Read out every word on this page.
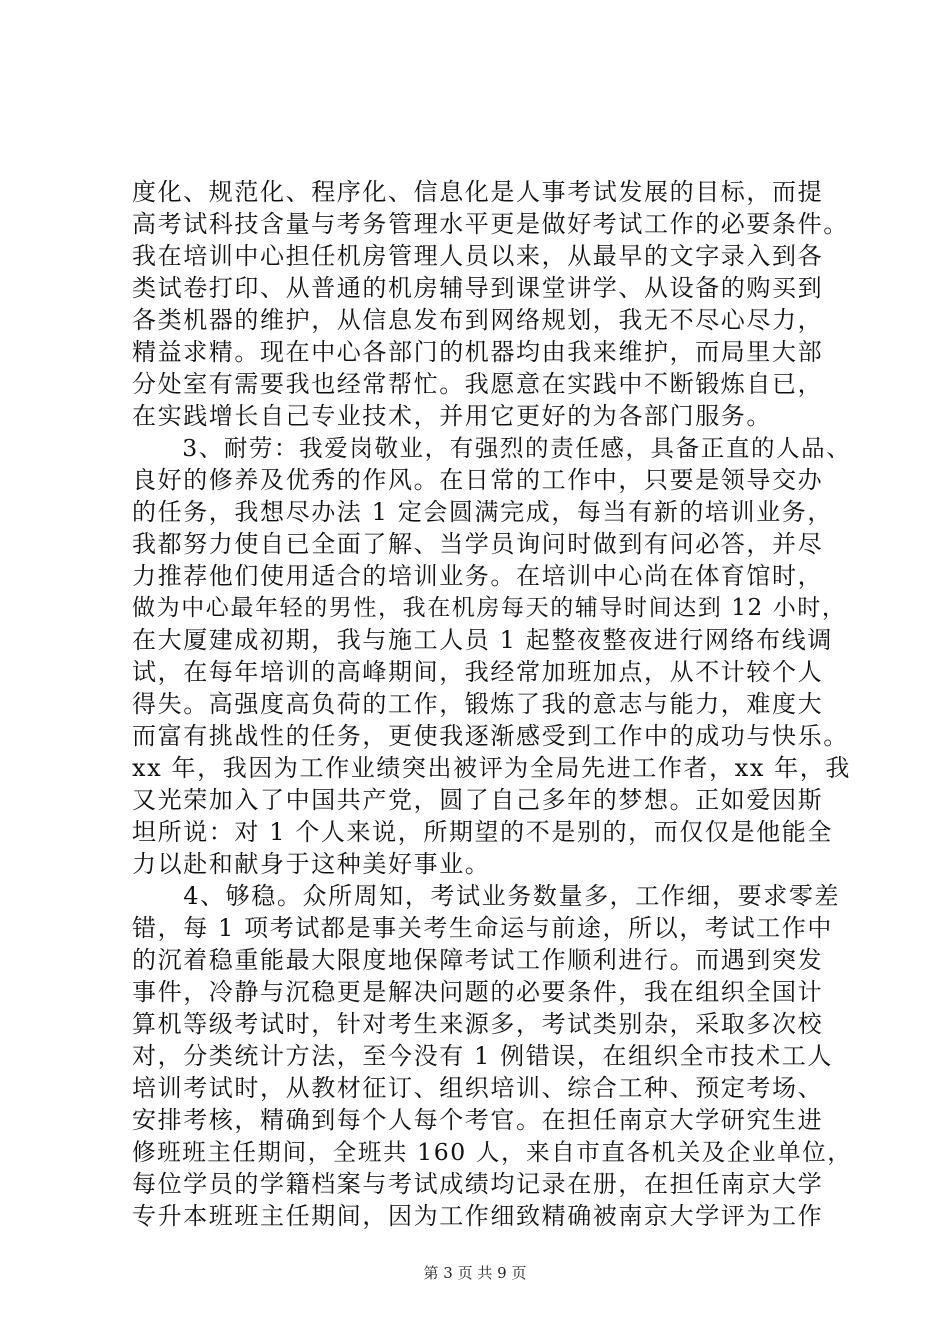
度化、规范化、程序化、信息化是人事考试发展的目标，而提
高考试科技含量与考务管理水平更是做好考试工作的必要条件。
我在培训中心担任机房管理人员以来，从最早的文字录入到各
类试卷打印、从普通的机房辅导到课堂讲学、从设备的购买到
各类机器的维护，从信息发布到网络规划，我无不尽心尽力，
精益求精。现在中心各部门的机器均由我来维护，而局里大部
分处室有需要我也经常帮忙。我愿意在实践中不断锻炼自已，
在实践增长自己专业技术，并用它更好的为各部门服务。
　　3、耐劳：我爱岗敬业，有强烈的责任感，具备正直的人品、
良好的修养及优秀的作风。在日常的工作中，只要是领导交办
的任务，我想尽办法 1 定会圆满完成，每当有新的培训业务，
我都努力使自已全面了解、当学员询问时做到有问必答，并尽
力推荐他们使用适合的培训业务。在培训中心尚在体育馆时，
做为中心最年轻的男性，我在机房每天的辅导时间达到 12 小时，
在大厦建成初期，我与施工人员 1 起整夜整夜进行网络布线调
试，在每年培训的高峰期间，我经常加班加点，从不计较个人
得失。高强度高负荷的工作，锻炼了我的意志与能力，难度大
而富有挑战性的任务，更使我逐渐感受到工作中的成功与快乐。
xx 年，我因为工作业绩突出被评为全局先进工作者，xx 年，我
又光荣加入了中国共产党，圆了自己多年的梦想。正如爱因斯
坦所说：对 1 个人来说，所期望的不是别的，而仅仅是他能全
力以赴和献身于这种美好事业。
　　4、够稳。众所周知，考试业务数量多，工作细，要求零差
错，每 1 项考试都是事关考生命运与前途，所以，考试工作中
的沉着稳重能最大限度地保障考试工作顺利进行。而遇到突发
事件，冷静与沉稳更是解决问题的必要条件，我在组织全国计
算机等级考试时，针对考生来源多，考试类别杂，采取多次校
对，分类统计方法，至今没有 1 例错误，在组织全市技术工人
培训考试时，从教材征订、组织培训、综合工种、预定考场、
安排考核，精确到每个人每个考官。在担任南京大学研究生进
修班班主任期间，全班共 160 人，来自市直各机关及企业单位，
每位学员的学籍档案与考试成绩均记录在册，在担任南京大学
专升本班班主任期间，因为工作细致精确被南京大学评为工作
第 3 页 共 9 页
